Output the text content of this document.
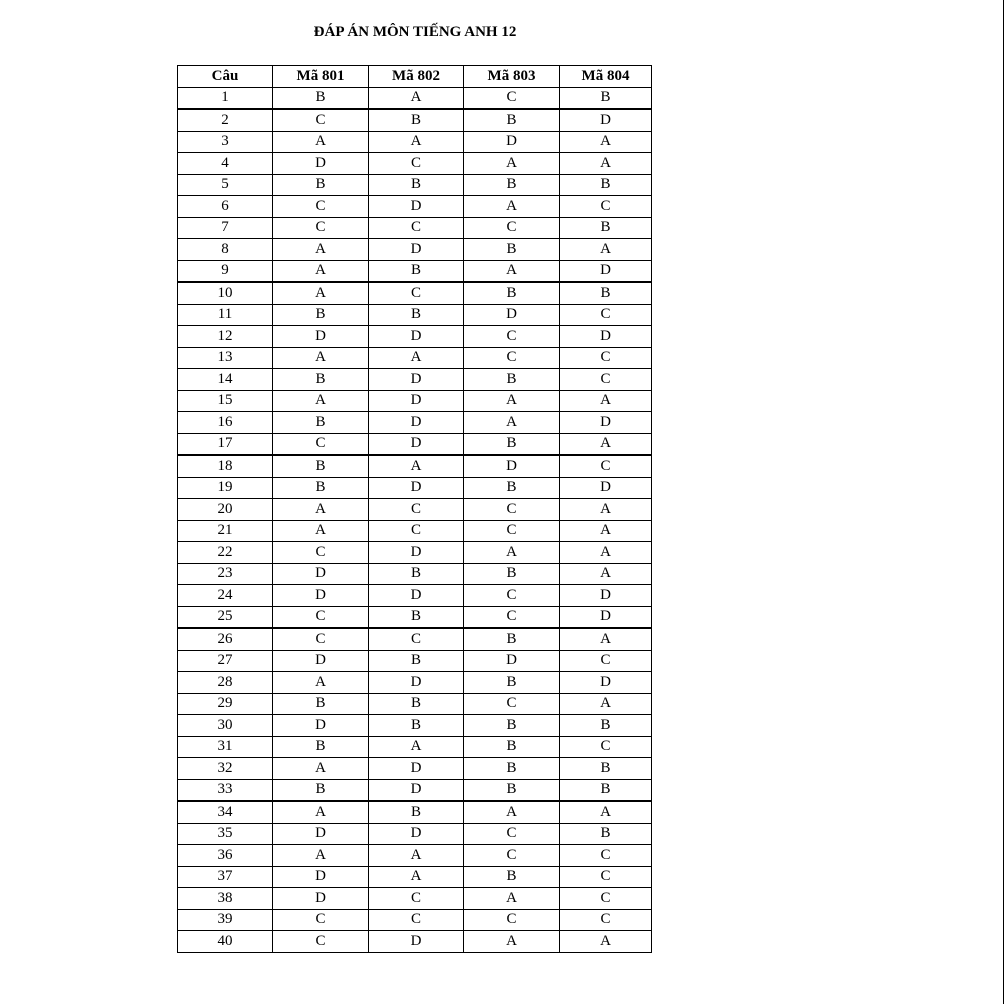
ĐÁP ÁN MÔN TIẾNG ANH 12
Câu	Mã 801	Mã 802	Mã 803	Mã 804
1	B	A	C	B
2	C	B	B	D
3	A	A	D	A
4	D	C	A	A
5	B	B	B	B
6	C	D	A	C
7	C	C	C	B
8	A	D	B	A
9	A	B	A	D
10	A	C	B	B
11	B	B	D	C
12	D	D	C	D
13	A	A	C	C
14	B	D	B	C
15	A	D	A	A
16	B	D	A	D
17	C	D	B	A
18	B	A	D	C
19	B	D	B	D
20	A	C	C	A
21	A	C	C	A
22	C	D	A	A
23	D	B	B	A
24	D	D	C	D
25	C	B	C	D
26	C	C	B	A
27	D	B	D	C
28	A	D	B	D
29	B	B	C	A
30	D	B	B	B
31	B	A	B	C
32	A	D	B	B
33	B	D	B	B
34	A	B	A	A
35	D	D	C	B
36	A	A	C	C
37	D	A	B	C
38	D	C	A	C
39	C	C	C	C
40	C	D	A	A
